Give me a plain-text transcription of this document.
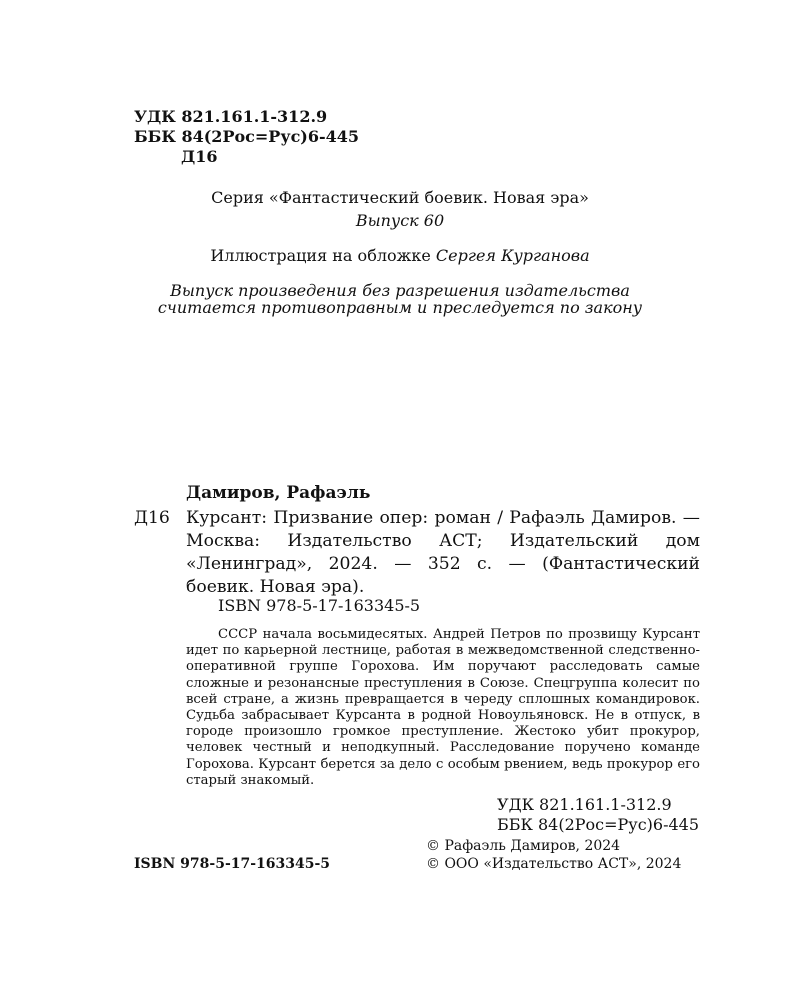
УДК 821.161.1-312.9
ББК 84(2Рос=Рус)6-445
Д16
Серия «Фантастический боевик. Новая эра»
Выпуск 60
Иллюстрация на обложке Сергея Курганова
Выпуск произведения без разрешения издательства
считается противоправным и преследуется по закону
Дамиров, Рафаэль
Д16 Курсант: Призвание опер: роман / Рафаэль Дамиров. — Москва: Издательство АСТ; Издательский дом «Ленинград», 2024. — 352 с. — (Фантастический боевик. Новая эра).

ISBN 978-5-17-163345-5

СССР начала восьмидесятых. Андрей Петров по прозвищу Курсант идет по карьерной лестнице, работая в межведомственной следственно-оперативной группе Горохова. Им поручают расследовать самые сложные и резонансные преступления в Союзе. Спецгруппа колесит по всей стране, а жизнь превращается в череду сплошных командировок. Судьба забрасывает Курсанта в родной Новоульяновск. Не в отпуск, в городе произошло громкое преступление. Жестоко убит прокурор, человек честный и неподкупный. Расследование поручено команде Горохова. Курсант берется за дело с особым рвением, ведь прокурор его старый знакомый.

УДК 821.161.1-312.9
ББК 84(2Рос=Рус)6-445
ISBN 978-5-17-163345-5
© Рафаэль Дамиров, 2024
© ООО «Издательство АСТ», 2024
